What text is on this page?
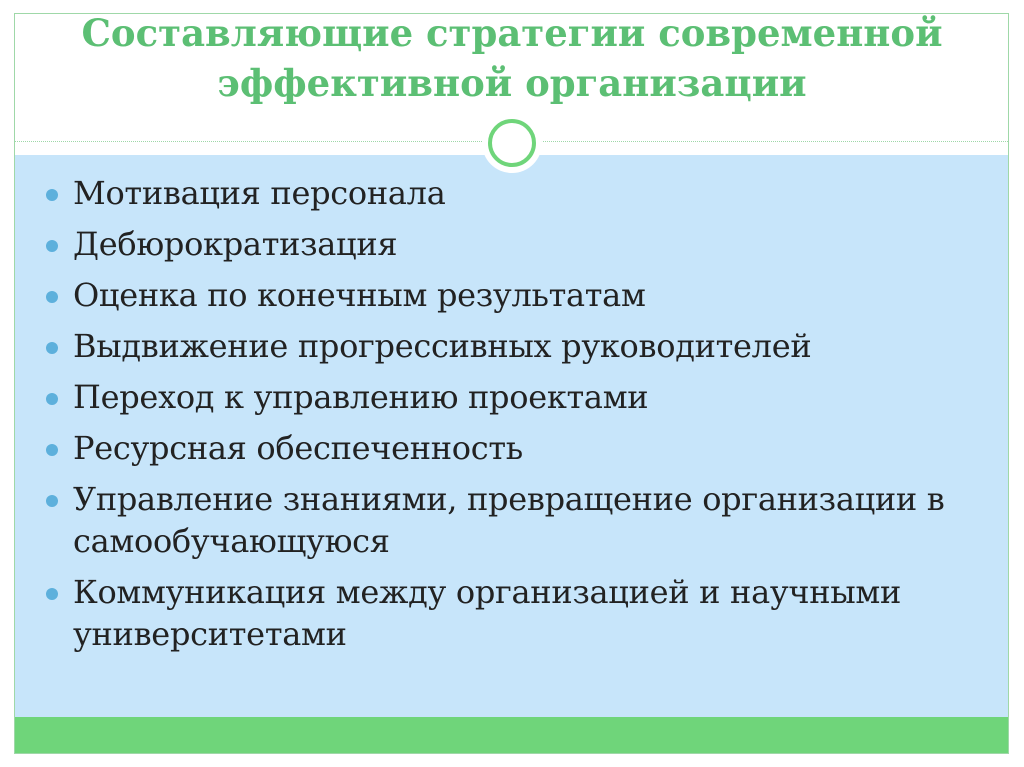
Составляющие стратегии современной
эффективной организации
Мотивация персонала
Дебюрократизация
Оценка по конечным результатам
Выдвижение прогрессивных руководителей
Переход к управлению проектами
Ресурсная обеспеченность
Управление знаниями, превращение организации в самообучающуюся
Коммуникация между организацией и научными университетами
